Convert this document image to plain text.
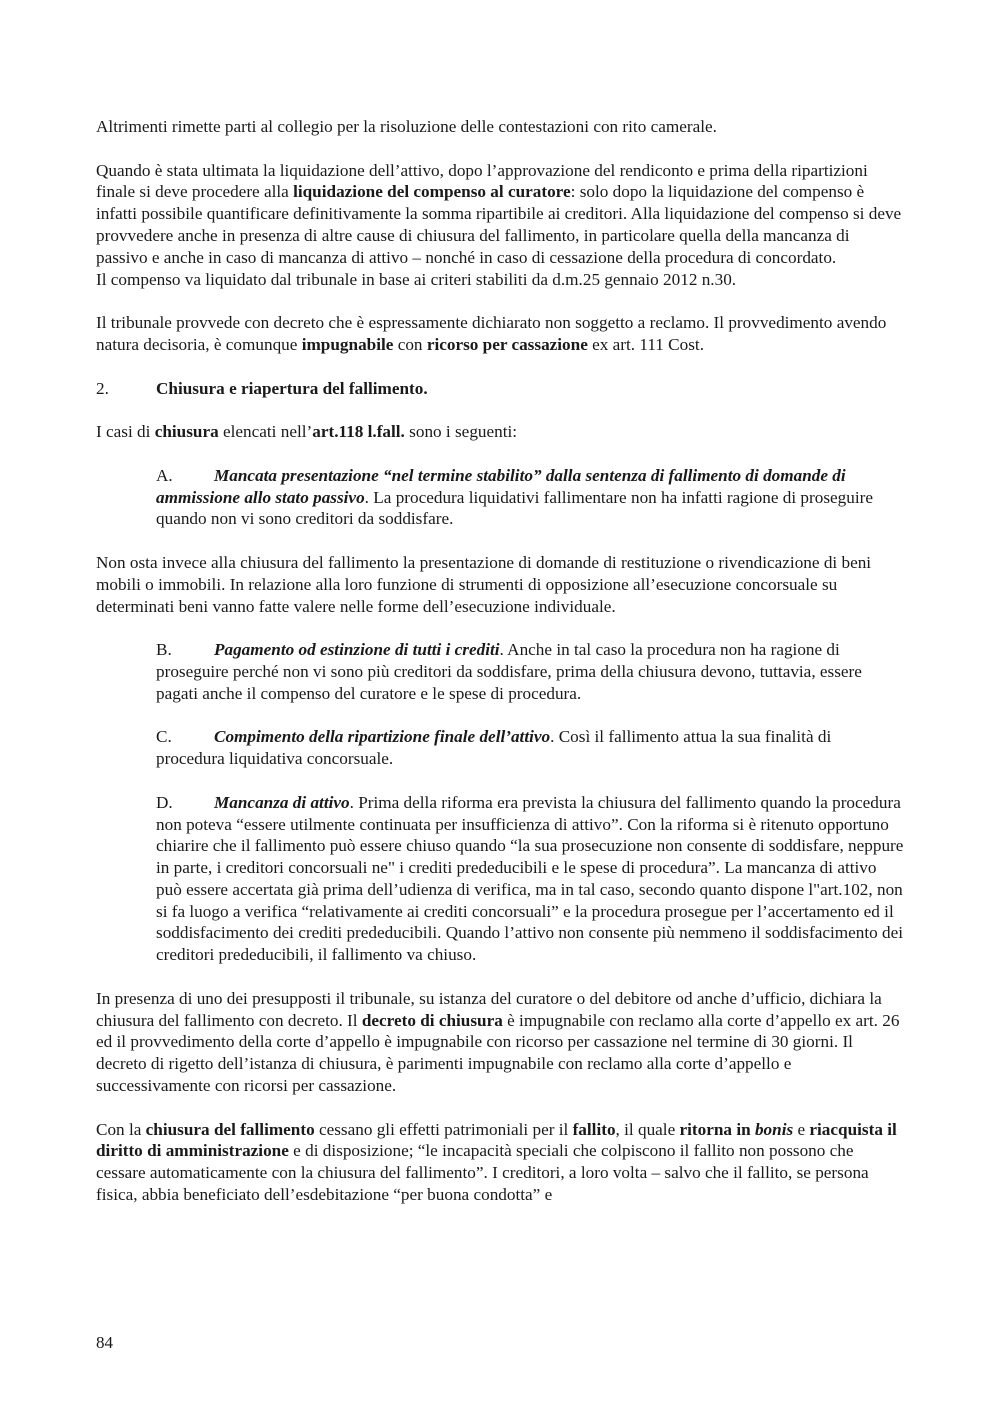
Altrimenti rimette parti al collegio per la risoluzione delle contestazioni con rito camerale.

Quando è stata ultimata la liquidazione dell’attivo, dopo l’approvazione del rendiconto e prima della ripartizioni finale si deve procedere alla liquidazione del compenso al curatore: solo dopo la liquidazione del compenso è infatti possibile quantificare definitivamente la somma ripartibile ai creditori. Alla liquidazione del compenso si deve provvedere anche in presenza di altre cause di chiusura del fallimento, in particolare quella della mancanza di passivo e anche in caso di mancanza di attivo – nonché in caso di cessazione della procedura di concordato.

Il compenso va liquidato dal tribunale in base ai criteri stabiliti da d.m.25 gennaio 2012 n.30.

Il tribunale provvede con decreto che è espressamente dichiarato non soggetto a reclamo. Il provvedimento avendo natura decisoria, è comunque impugnabile con ricorso per cassazione ex art. 111 Cost.

2.	Chiusura e riapertura del fallimento.

I casi di chiusura elencati nell’art.118 l.fall. sono i seguenti:

A. Mancata presentazione “nel termine stabilito” dalla sentenza di fallimento di domande di ammissione allo stato passivo. La procedura liquidativi fallimentare non ha infatti ragione di proseguire quando non vi sono creditori da soddisfare.

Non osta invece alla chiusura del fallimento la presentazione di domande di restituzione o rivendicazione di beni mobili o immobili. In relazione alla loro funzione di strumenti di opposizione all’esecuzione concorsuale su determinati beni vanno fatte valere nelle forme dell’esecuzione individuale.

B. Pagamento od estinzione di tutti i crediti. Anche in tal caso la procedura non ha ragione di proseguire perché non vi sono più creditori da soddisfare, prima della chiusura devono, tuttavia, essere pagati anche il compenso del curatore e le spese di procedura.
C. Compimento della ripartizione finale dell’attivo. Così il fallimento attua la sua finalità di procedura liquidativa concorsuale.
D. Mancanza di attivo. Prima della riforma era prevista la chiusura del fallimento quando la procedura non poteva “essere utilmente continuata per insufficienza di attivo”. Con la riforma si è ritenuto opportuno chiarire che il fallimento può essere chiuso quando “la sua prosecuzione non consente di soddisfare, neppure in parte, i creditori concorsuali ne" i crediti prededucibili e le spese di procedura”. La mancanza di attivo può essere accertata già prima dell’udienza di verifica, ma in tal caso, secondo quanto dispone l"art.102, non si fa luogo a verifica “relativamente ai crediti concorsuali” e la procedura prosegue per l’accertamento ed il soddisfacimento dei crediti prededucibili. Quando l’attivo non consente più nemmeno il soddisfacimento dei creditori prededucibili, il fallimento va chiuso.

In presenza di uno dei presupposti il tribunale, su istanza del curatore o del debitore od anche d’ufficio, dichiara la chiusura del fallimento con decreto. Il decreto di chiusura è impugnabile con reclamo alla corte d’appello ex art. 26 ed il provvedimento della corte d’appello è impugnabile con ricorso per cassazione nel termine di 30 giorni. Il decreto di rigetto dell’istanza di chiusura, è parimenti impugnabile con reclamo alla corte d’appello e successivamente con ricorsi per cassazione.

Con la chiusura del fallimento cessano gli effetti patrimoniali per il fallito, il quale ritorna in bonis e riacquista il diritto di amministrazione e di disposizione; “le incapacità speciali che colpiscono il fallito non possono che cessare automaticamente con la chiusura del fallimento”. I creditori, a loro volta – salvo che il fallito, se persona fisica, abbia beneficiato dell’esdebitazione “per buona condotta” e

84
